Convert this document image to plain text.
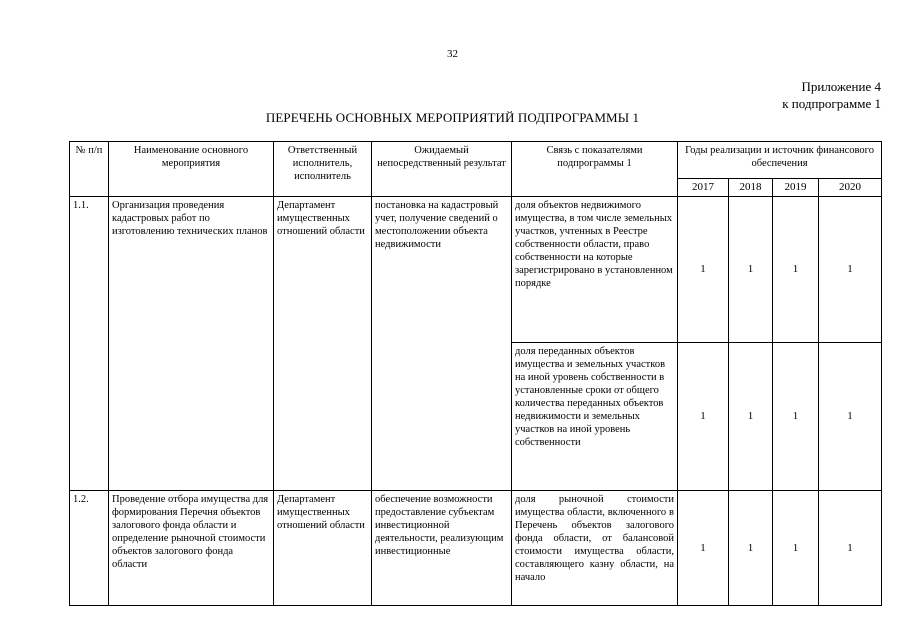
32
Приложение 4
к подпрограмме 1
ПЕРЕЧЕНЬ ОСНОВНЫХ МЕРОПРИЯТИЙ ПОДПРОГРАММЫ 1
№ п/п	Наименование основного мероприятия	Ответственный исполнитель, исполнитель	Ожидаемый непосредственный результат	Связь с показателями подпрограммы 1	Годы реализации и источник финансового обеспечения			
					2017	2018	2019	2020
1.1.	Организация проведения кадастровых работ по изготовлению технических планов	Департамент имущественных отношений области	постановка на кадастровый учет, получение сведений о местоположении объекта недвижимости	доля объектов недвижимого имущества, в том числе земельных участков, учтенных в Реестре собственности области, право собственности на которые зарегистрировано в установленном порядке	1	1	1	1
				доля переданных объектов имущества и земельных участков на иной уровень собственности в установленные сроки от общего количества переданных объектов недвижимости и земельных участков на иной уровень собственности	1	1	1	1
1.2.	Проведение отбора имущества для формирования Перечня объектов залогового фонда области и определение рыночной стоимости объектов залогового фонда области	Департамент имущественных отношений области	обеспечение возможности предоставление субъектам инвестиционной деятельности, реализующим инвестиционные	доля рыночной стоимости имущества области, включенного в Перечень объектов залогового фонда области, от балансовой стоимости имущества области, составляющего казну области, на начало	1	1	1	1
